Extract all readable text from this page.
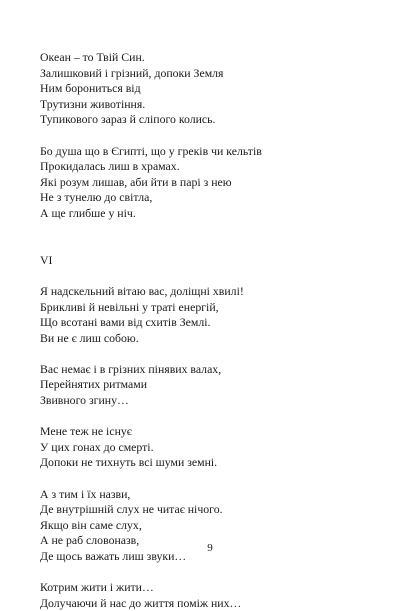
Океан – то Твій Син.
Залишковий і грізний, допоки Земля
Ним борониться від
Трутизни животіння.
Тупикового зараз й сліпого колись.
Бо душа що в Єгипті, що у греків чи кельтів
Прокидалась лиш в храмах.
Які розум лишав, аби йти в парі з нею
Не з тунелю до світла,
А ще глибше у ніч.
VI
Я надскельний вітаю вас, доліщні хвилі!
Брикливі й невільні у траті енергій,
Що всотані вами від схитів Землі.
Ви не є лиш собою.
Вас немає і в грізних пінявих валах,
Перейнятих ритмами
Звивного згину…
Мене теж не існує
У цих гонах до смерті.
Допоки не тихнуть всі шуми земні.
А з тим і їх назви,
Де внутрішній слух не читає нічого.
Якщо він саме слух,
А не раб словоназв,
Де щось важать лиш звуки…
Котрим жити і жити…
Долучаючи й нас до життя поміж них…
9
